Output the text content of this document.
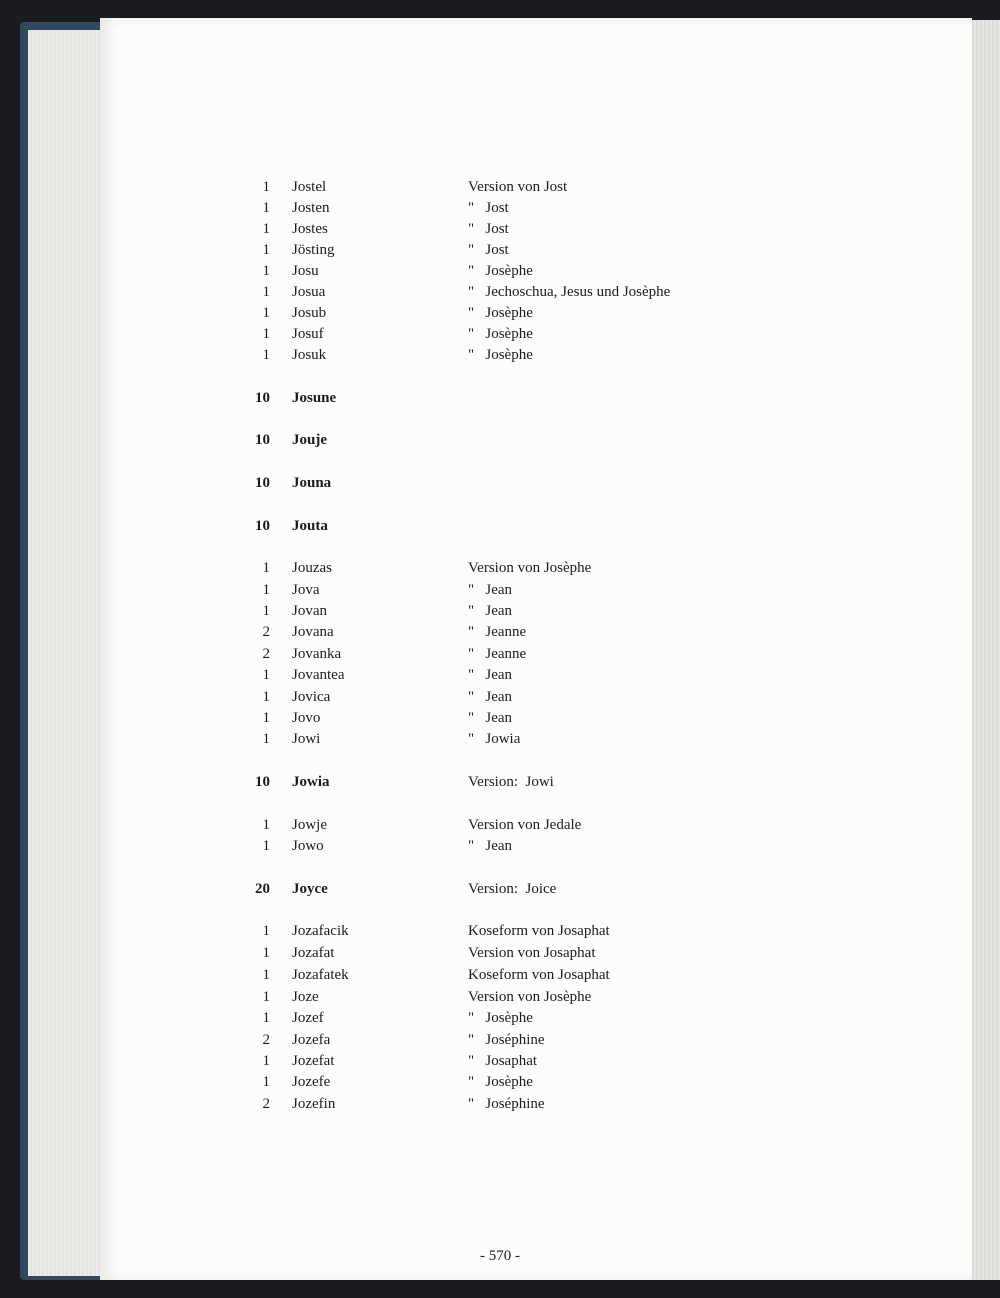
1 Jostel	Version von Jost
1 Josten	"   Jost
1 Jostes	"   Jost
1 Jösting	"   Jost
1 Josu	"   Josèphe
1 Josua	"   Jechoschua, Jesus und Josèphe
1 Josub	"   Josèphe
1 Josuf	"   Josèphe
1 Josuk	"   Josèphe
10 Josune
10 Jouje
10 Jouna
10 Jouta
1 Jouzas	Version von Josèphe
1 Jova	"   Jean
1 Jovan	"   Jean
2 Jovana	"   Jeanne
2 Jovanka	"   Jeanne
1 Jovantea	"   Jean
1 Jovica	"   Jean
1 Jovo	"   Jean
1 Jowi	"   Jowia
10 Jowia	Version:  Jowi
1 Jowje	Version von Jedale
1 Jowo	"   Jean
20 Joyce	Version:  Joice
1 Jozafacik	Koseform von Josaphat
1 Jozafat	Version von Josaphat
1 Jozafatek	Koseform von Josaphat
1 Joze	Version von Josèphe
1 Jozef	"   Josèphe
2 Jozefa	"   Joséphine
1 Jozefat	"   Josaphat
1 Jozefe	"   Josèphe
2 Jozefin	"   Joséphine
- 570 -
